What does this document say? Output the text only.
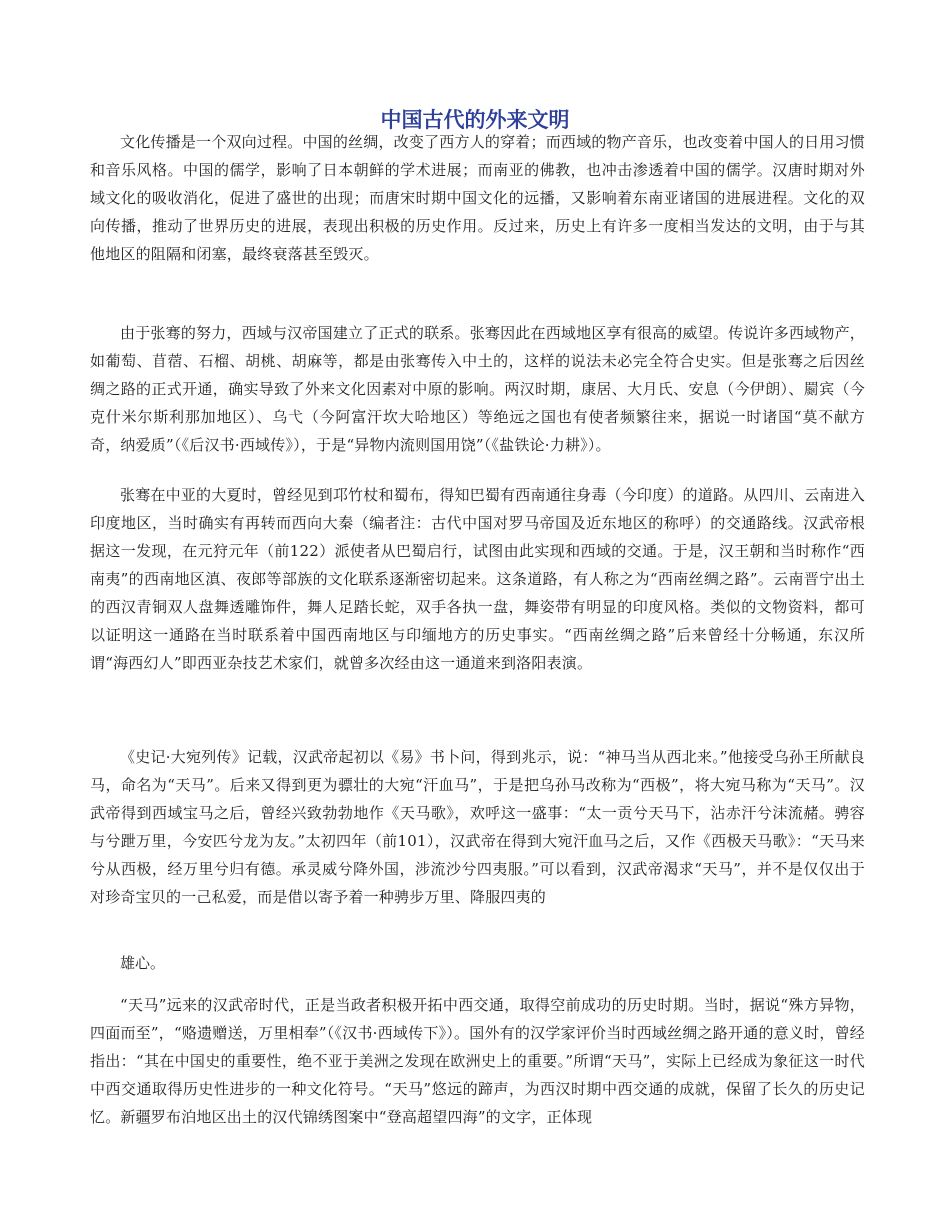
中国古代的外来文明

文化传播是一个双向过程。中国的丝绸，改变了西方人的穿着；而西域的物产音乐，也改变着中国人的日用习惯和音乐风格。中国的儒学，影响了日本朝鲜的学术进展；而南亚的佛教，也冲击渗透着中国的儒学。汉唐时期对外域文化的吸收消化，促进了盛世的出现；而唐宋时期中国文化的远播，又影响着东南亚诸国的进展进程。文化的双向传播，推动了世界历史的进展，表现出积极的历史作用。反过来，历史上有许多一度相当发达的文明，由于与其他地区的阻隔和闭塞，最终衰落甚至毁灭。

由于张骞的努力，西域与汉帝国建立了正式的联系。张骞因此在西域地区享有很高的威望。传说许多西域物产，如葡萄、苜蓿、石榴、胡桃、胡麻等，都是由张骞传入中土的，这样的说法未必完全符合史实。但是张骞之后因丝绸之路的正式开通，确实导致了外来文化因素对中原的影响。两汉时期，康居、大月氏、安息（今伊朗）、罽宾（今克什米尔斯利那加地区）、乌弋（今阿富汗坎大哈地区）等绝远之国也有使者频繁往来，据说一时诸国“莫不献方奇，纳爱质”（《后汉书·西域传》），于是“异物内流则国用饶”（《盐铁论·力耕》）。

张骞在中亚的大夏时，曾经见到邛竹杖和蜀布，得知巴蜀有西南通往身毒（今印度）的道路。从四川、云南进入印度地区，当时确实有再转而西向大秦（编者注：古代中国对罗马帝国及近东地区的称呼）的交通路线。汉武帝根据这一发现，在元狩元年（前122）派使者从巴蜀启行，试图由此实现和西域的交通。于是，汉王朝和当时称作“西南夷”的西南地区滇、夜郎等部族的文化联系逐渐密切起来。这条道路，有人称之为“西南丝绸之路”。云南晋宁出土的西汉青铜双人盘舞透雕饰件，舞人足踏长蛇，双手各执一盘，舞姿带有明显的印度风格。类似的文物资料，都可以证明这一通路在当时联系着中国西南地区与印缅地方的历史事实。“西南丝绸之路”后来曾经十分畅通，东汉所谓“海西幻人”即西亚杂技艺术家们，就曾多次经由这一通道来到洛阳表演。

《史记·大宛列传》记载，汉武帝起初以《易》书卜问，得到兆示，说：“神马当从西北来。”他接受乌孙王所献良马，命名为“天马”。后来又得到更为骠壮的大宛“汗血马”，于是把乌孙马改称为“西极”，将大宛马称为“天马”。汉武帝得到西域宝马之后，曾经兴致勃勃地作《天马歌》，欢呼这一盛事：“太一贡兮天马下，沾赤汗兮沫流赭。骋容与兮跇万里，今安匹兮龙为友。”太初四年（前101），汉武帝在得到大宛汗血马之后，又作《西极天马歌》：“天马来兮从西极，经万里兮归有德。承灵威兮降外国，涉流沙兮四夷服。”可以看到，汉武帝渴求“天马”，并不是仅仅出于对珍奇宝贝的一己私爱，而是借以寄予着一种骋步万里、降服四夷的

雄心。

“天马”远来的汉武帝时代，正是当政者积极开拓中西交通，取得空前成功的历史时期。当时，据说“殊方异物，四面而至”，“赂遗赠送，万里相奉”（《汉书·西域传下》）。国外有的汉学家评价当时西域丝绸之路开通的意义时，曾经指出：“其在中国史的重要性，绝不亚于美洲之发现在欧洲史上的重要。”所谓“天马”，实际上已经成为象征这一时代中西交通取得历史性进步的一种文化符号。“天马”悠远的蹄声，为西汉时期中西交通的成就，保留了长久的历史记忆。新疆罗布泊地区出土的汉代锦绣图案中“登高超望四海”的文字，正体现
